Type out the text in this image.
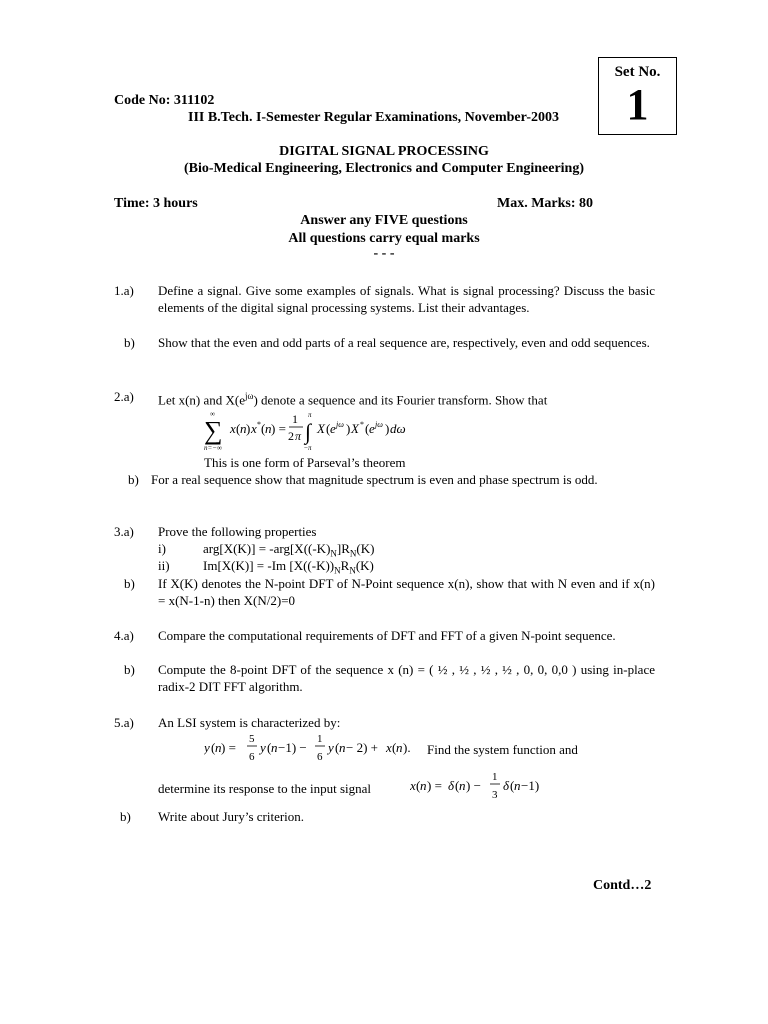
Set No.
1
Code No: 311102
III B.Tech. I-Semester Regular Examinations, November-2003
DIGITAL SIGNAL PROCESSING
(Bio-Medical Engineering, Electronics and Computer Engineering)
Time: 3 hours	Max. Marks: 80
Answer any FIVE questions
All questions carry equal marks
- - -
1.a) Define a signal. Give some examples of signals. What is signal processing? Discuss the basic elements of the digital signal processing systems. List their advantages.
b) Show that the even and odd parts of a real sequence are, respectively, even and odd sequences.
2.a) Let x(n) and $X(e^{j\omega})$ denote a sequence and its Fourier transform. Show that
∞
∑
n=−∞
x ( n ) x * ( n ) =
1
2 π
π
∫
− π
X ( e jω ) X * ( e jω ) dω
This is one form of Parseval’s theorem
b) For a real sequence show that magnitude spectrum is even and phase spectrum is odd.
3.a) Prove the following properties
i)	$arg[X(K)] = -arg[X((-K)_N]R_N(K)$
ii)	Im[X(K)] = -Im [$X((-K))_NR_N(K)$
b) If X(K) denotes the N-point DFT of N-Point sequence x(n), show that with N even and if x(n) = x(N-1-n) then X(N/2)=0
4.a) Compare the computational requirements of DFT and FFT of a given N-point sequence.
b) Compute the 8-point DFT of the sequence x (n) = ( ½ , ½ , ½ , ½ , 0, 0, 0,0 ) using in-place radix-2 DIT FFT algorithm.
5.a) An LSI system is characterized by:
y ( n ) =
5
6
y ( n −1) −
1
6
y ( n − 2) + x ( n ). Find the system function and
determine its response to the input signal	x ( n ) = δ ( n ) −
1
3
δ ( n −1)
b) Write about Jury’s criterion.
Contd…2
